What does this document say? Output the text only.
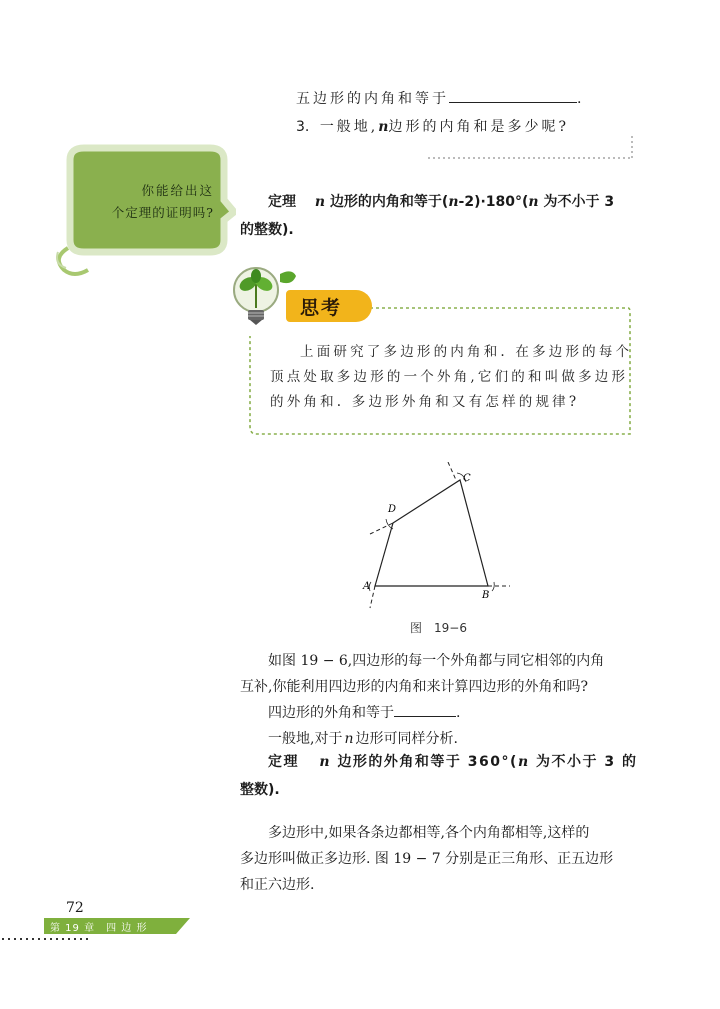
五边形的内角和等于	.
3. 一般地,n边形的内角和是多少呢?
你能给出这
个定理的证明吗?
定理 n 边形的内角和等于(n-2)·180°(n 为不小于 3
的整数).
思考
上面研究了多边形的内角和. 在多边形的每个
顶点处取多边形的一个外角,它们的和叫做多边形
的外角和. 多边形外角和又有怎样的规律?
A
B
C
D
图　19−6
如图 19 − 6,四边形的每一个外角都与同它相邻的内角
互补,你能利用四边形的内角和来计算四边形的外角和吗?
四边形的外角和等于	.
一般地,对于 n 边形可同样分析.
定理 n 边形的外角和等于 360°(n 为不小于 3 的
整数).
多边形中,如果各条边都相等,各个内角都相等,这样的
多边形叫做正多边形. 图 19 − 7 分别是正三角形、正五边形
和正六边形.
72
第 19 章　四 边 形
